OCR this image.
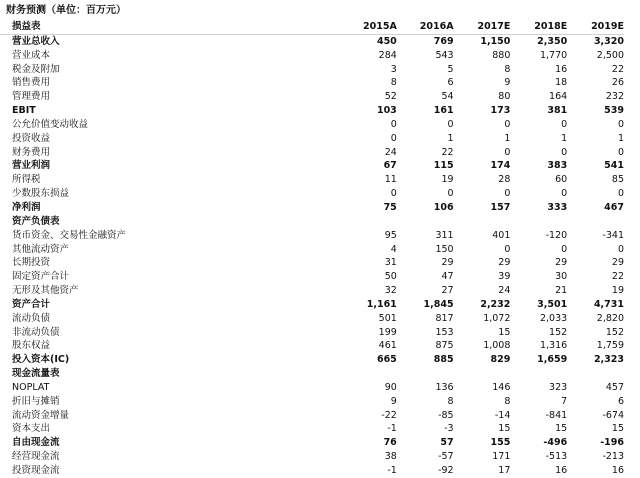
财务预测（单位：百万元）
损益表	2015A	2016A	2017E	2018E	2019E
营业总收入	450	769	1,150	2,350	3,320
营业成本	284	543	880	1,770	2,500
税金及附加	3	5	8	16	22
销售费用	8	6	9	18	26
管理费用	52	54	80	164	232
EBIT	103	161	173	381	539
公允价值变动收益	0	0	0	0	0
投资收益	0	1	1	1	1
财务费用	24	22	0	0	0
营业利润	67	115	174	383	541
所得税	11	19	28	60	85
少数股东损益	0	0	0	0	0
净利润	75	106	157	333	467
资产负债表					
货币资金、交易性金融资产	95	311	401	-120	-341
其他流动资产	4	150	0	0	0
长期投资	31	29	29	29	29
固定资产合计	50	47	39	30	22
无形及其他资产	32	27	24	21	19
资产合计	1,161	1,845	2,232	3,501	4,731
流动负债	501	817	1,072	2,033	2,820
非流动负债	199	153	15	152	152
股东权益	461	875	1,008	1,316	1,759
投入资本(IC)	665	885	829	1,659	2,323
现金流量表					
NOPLAT	90	136	146	323	457
折旧与摊销	9	8	8	7	6
流动资金增量	-22	-85	-14	-841	-674
资本支出	-1	-3	15	15	15
自由现金流	76	57	155	-496	-196
经营现金流	38	-57	171	-513	-213
投资现金流	-1	-92	17	16	16
